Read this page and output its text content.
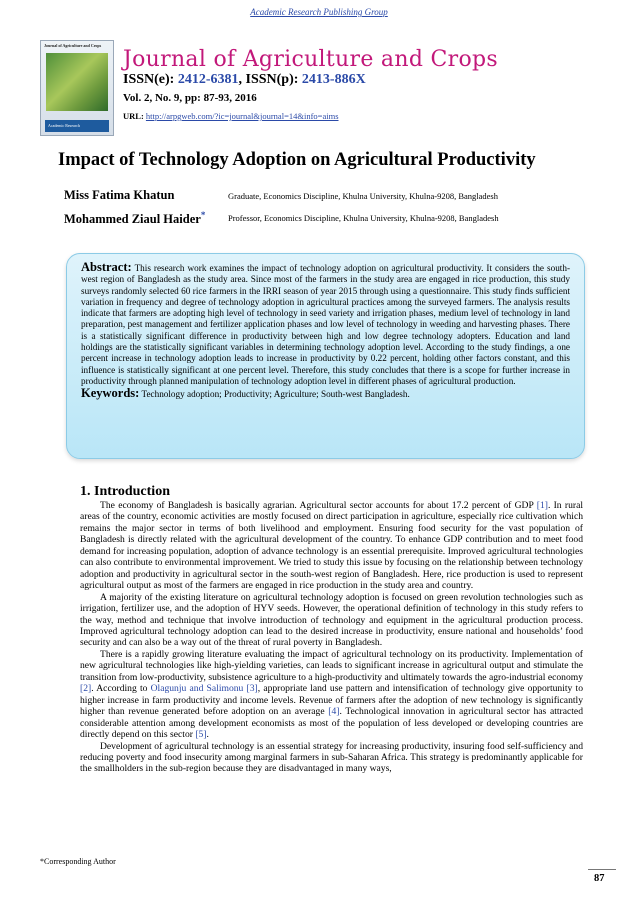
Academic Research Publishing Group
Journal of Agriculture and Crops
Academic Research
Journal of Agriculture and Crops
ISSN(e): 2412-6381, ISSN(p): 2413-886X
Vol. 2, No. 9, pp: 87-93, 2016
URL: http://arpgweb.com/?ic=journal&journal=14&info=aims
Impact of Technology Adoption on Agricultural Productivity
Miss Fatima Khatun	Graduate, Economics Discipline, Khulna University, Khulna-9208, Bangladesh
Mohammed Ziaul Haider*	Professor, Economics Discipline, Khulna University, Khulna-9208, Bangladesh
Abstract: This research work examines the impact of technology adoption on agricultural productivity. It considers the south-west region of Bangladesh as the study area. Since most of the farmers in the study area are engaged in rice production, this study surveys randomly selected 60 rice farmers in the IRRI season of year 2015 through using a questionnaire. This study finds sufficient variation in frequency and degree of technology adoption in agricultural practices among the surveyed farmers. The analysis results indicate that farmers are adopting high level of technology in seed variety and irrigation phases, medium level of technology in land preparation, pest management and fertilizer application phases and low level of technology in weeding and harvesting phases. There is a statistically significant difference in productivity between high and low degree technology adopters. Education and land holdings are the statistically significant variables in determining technology adoption level. According to the study findings, a one percent increase in technology adoption leads to increase in productivity by 0.22 percent, holding other factors constant, and this influence is statistically significant at one percent level. Therefore, this study concludes that there is a scope for further increase in productivity through planned manipulation of technology adoption level in different phases of agricultural production.
Keywords: Technology adoption; Productivity; Agriculture; South-west Bangladesh.
1. Introduction

The economy of Bangladesh is basically agrarian. Agricultural sector accounts for about 17.2 percent of GDP [1]. In rural areas of the country, economic activities are mostly focused on direct participation in agriculture, especially rice cultivation which remains the major sector in terms of both livelihood and employment. Ensuring food security for the vast population of Bangladesh is directly related with the agricultural development of the country. To enhance GDP contribution and to meet food demand for increasing population, adoption of advance technology is an essential prerequisite. Improved agricultural technologies can also contribute to environmental improvement. We tried to study this issue by focusing on the relationship between technology adoption and productivity in agricultural sector in the south-west region of Bangladesh. Here, rice production is used to represent agricultural output as most of the farmers are engaged in rice production in the study area and country.

A majority of the existing literature on agricultural technology adoption is focused on green revolution technologies such as irrigation, fertilizer use, and the adoption of HYV seeds. However, the operational definition of technology in this study refers to the way, method and technique that involve introduction of technology and equipment in the agricultural production process. Improved agricultural technology adoption can lead to the desired increase in productivity, ensure national and households’ food security and can also be a way out of the threat of rural poverty in Bangladesh.

There is a rapidly growing literature evaluating the impact of agricultural technology on its productivity. Implementation of new agricultural technologies like high-yielding varieties, can leads to significant increase in agricultural output and stimulate the transition from low-productivity, subsistence agriculture to a high-productivity and ultimately towards the agro-industrial economy [2]. According to Olagunju and Salimonu [3], appropriate land use pattern and intensification of technology give opportunity to higher increase in farm productivity and income levels. Revenue of farmers after the adoption of new technology is significantly higher than revenue generated before adoption on an average [4]. Technological innovation in agricultural sector has attracted considerable attention among development economists as most of the population of less developed or developing countries are directly depend on this sector [5].

Development of agricultural technology is an essential strategy for increasing productivity, insuring food self-sufficiency and reducing poverty and food insecurity among marginal farmers in sub-Saharan Africa. This strategy is predominantly applicable for the smallholders in the sub-region because they are disadvantaged in many ways,

*Corresponding Author
87
